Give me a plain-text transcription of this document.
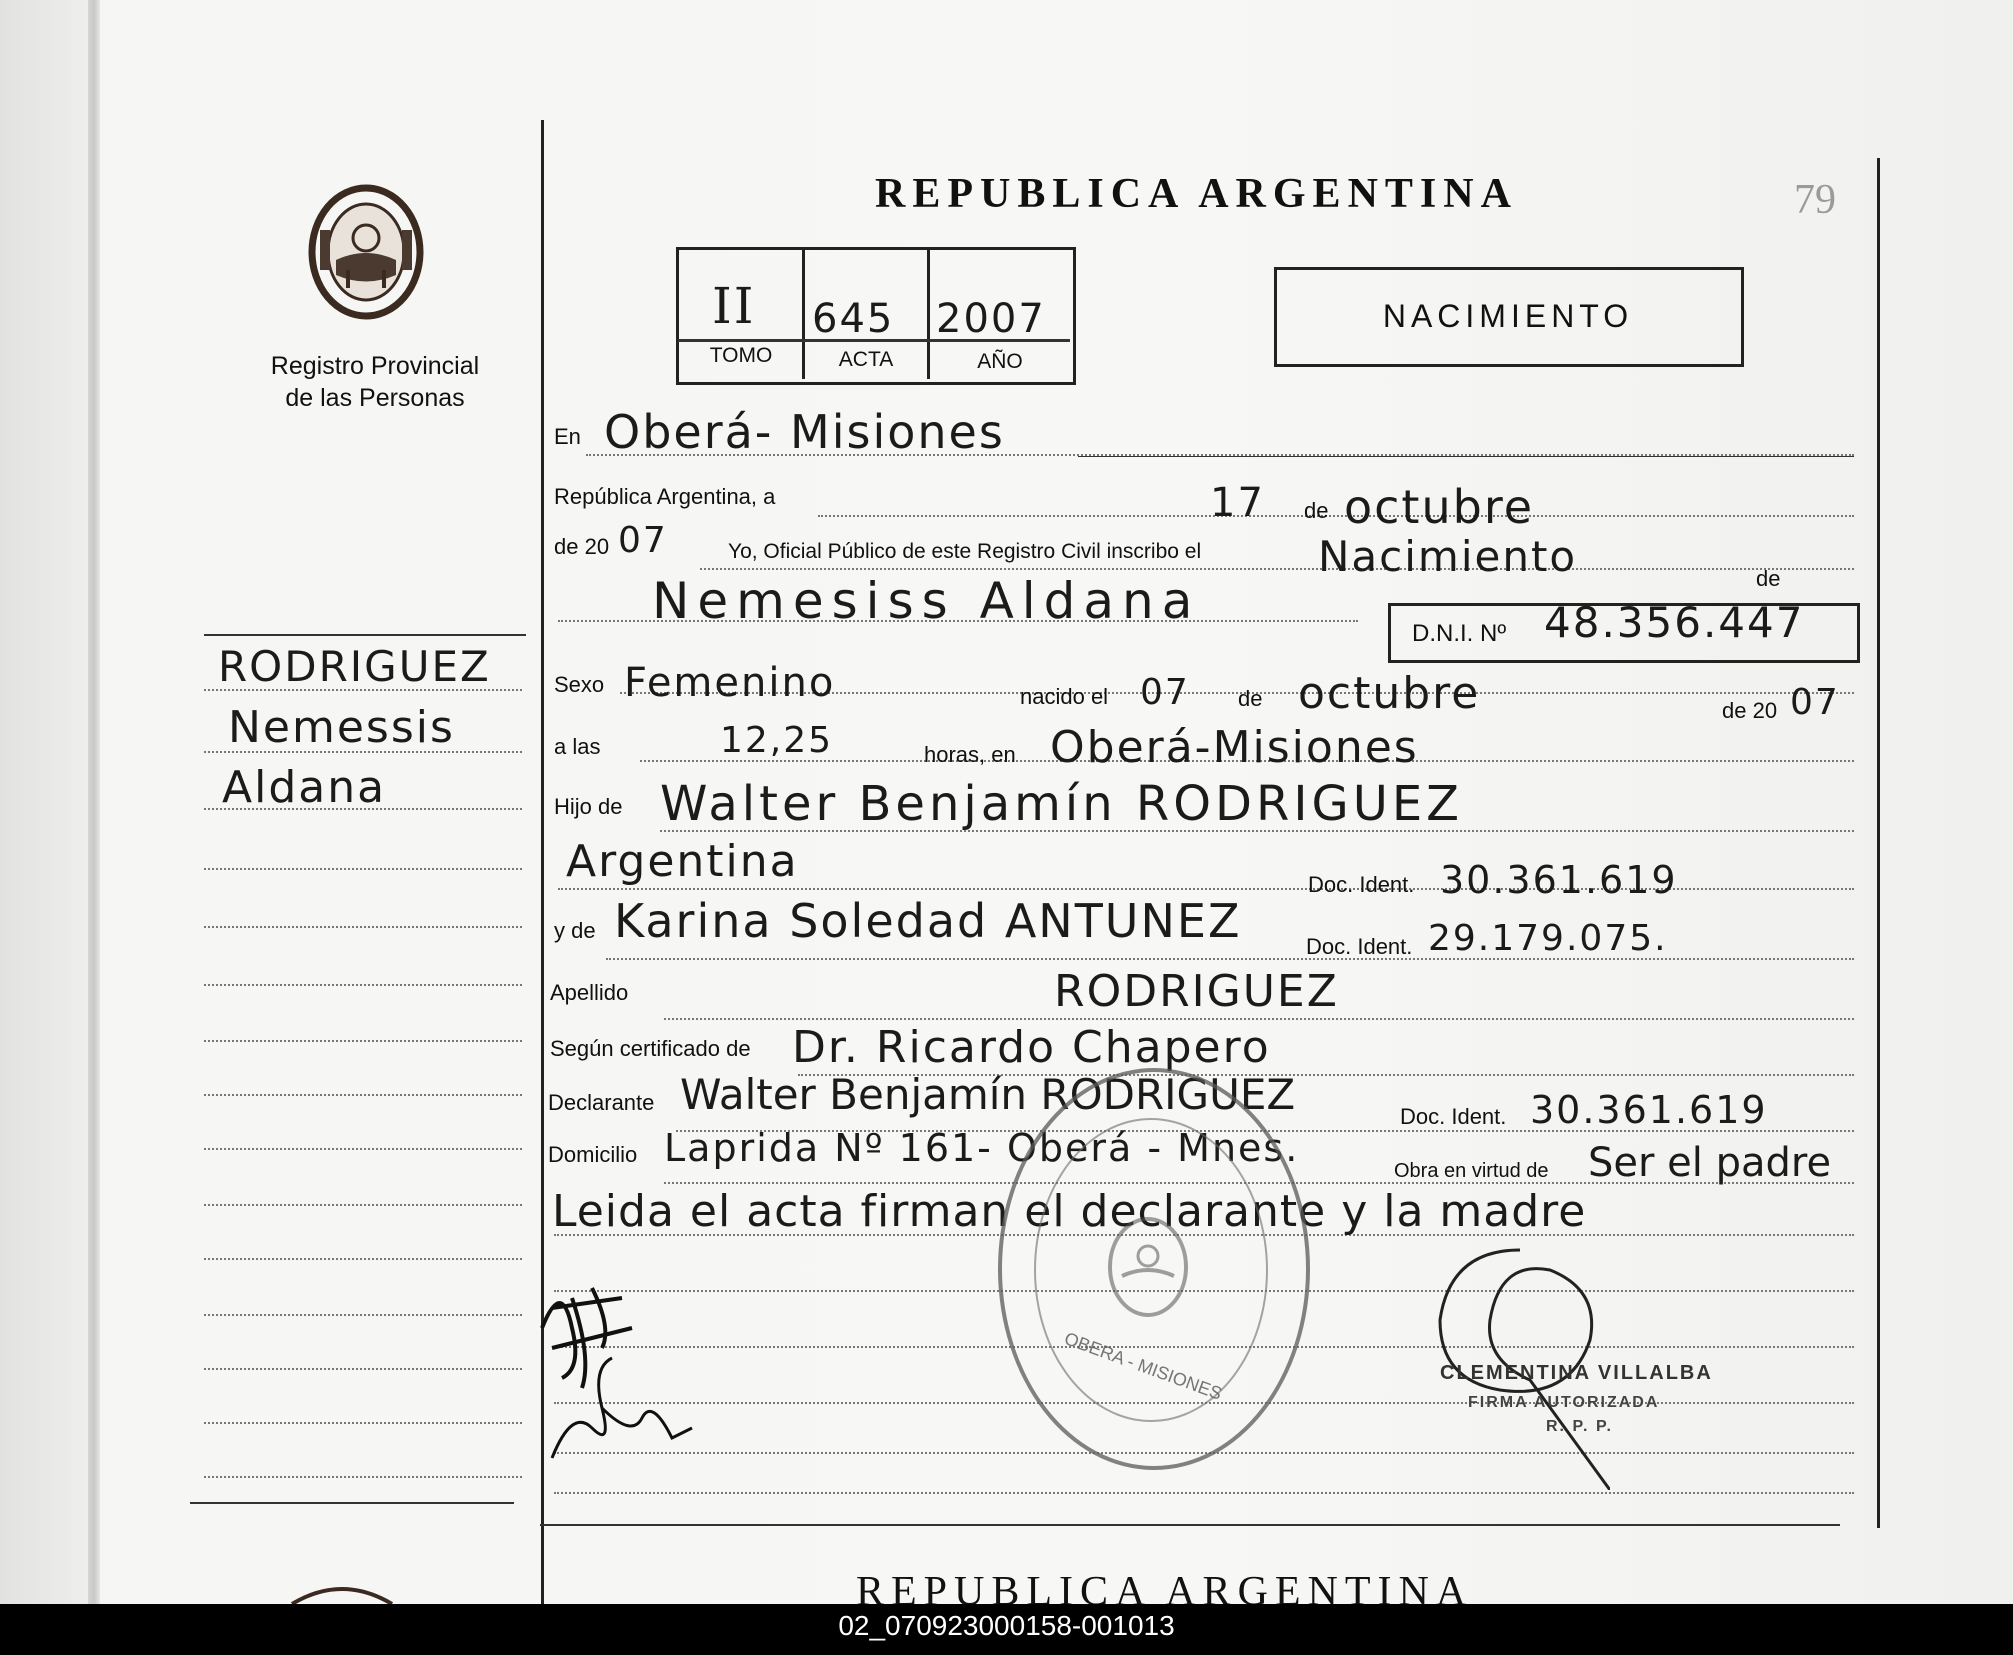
Registro Provincial
de las Personas
RODRIGUEZ
Nemessis
Aldana
REPUBLICA ARGENTINA	79
II 645 2007
TOMO	ACTA	AÑO
NACIMIENTO
En Oberá- Misiones
República Argentina, a	17 de octubre
de 20 07	Yo, Oficial Público de este Registro Civil inscribo el	Nacimiento	de
Nemesiss Aldana
D.N.I. Nº 48.356.447
Sexo Femenino	nacido el 07 de octubre	de 20 07
a las	12,25	horas, en Oberá-Misiones
Hijo de Walter Benjamín RODRIGUEZ
Argentina	Doc. Ident. 30.361.619
y de Karina Soledad ANTUNEZ	Doc. Ident. 29.179.075.
Apellido	RODRIGUEZ
Según certificado de Dr. Ricardo Chapero
Declarante Walter Benjamín RODRIGUEZ	Doc. Ident. 30.361.619
Domicilio Laprida Nº 161- Oberá - Mnes.
Obra en virtud de Ser el padre
Leida el acta firman el declarante y la madre
OBERA - MISIONES	CLEMENTINA VILLALBA
FIRMA AUTORIZADA
R. P. P.
REPUBLICA ARGENTINA
02_070923000158-001013
